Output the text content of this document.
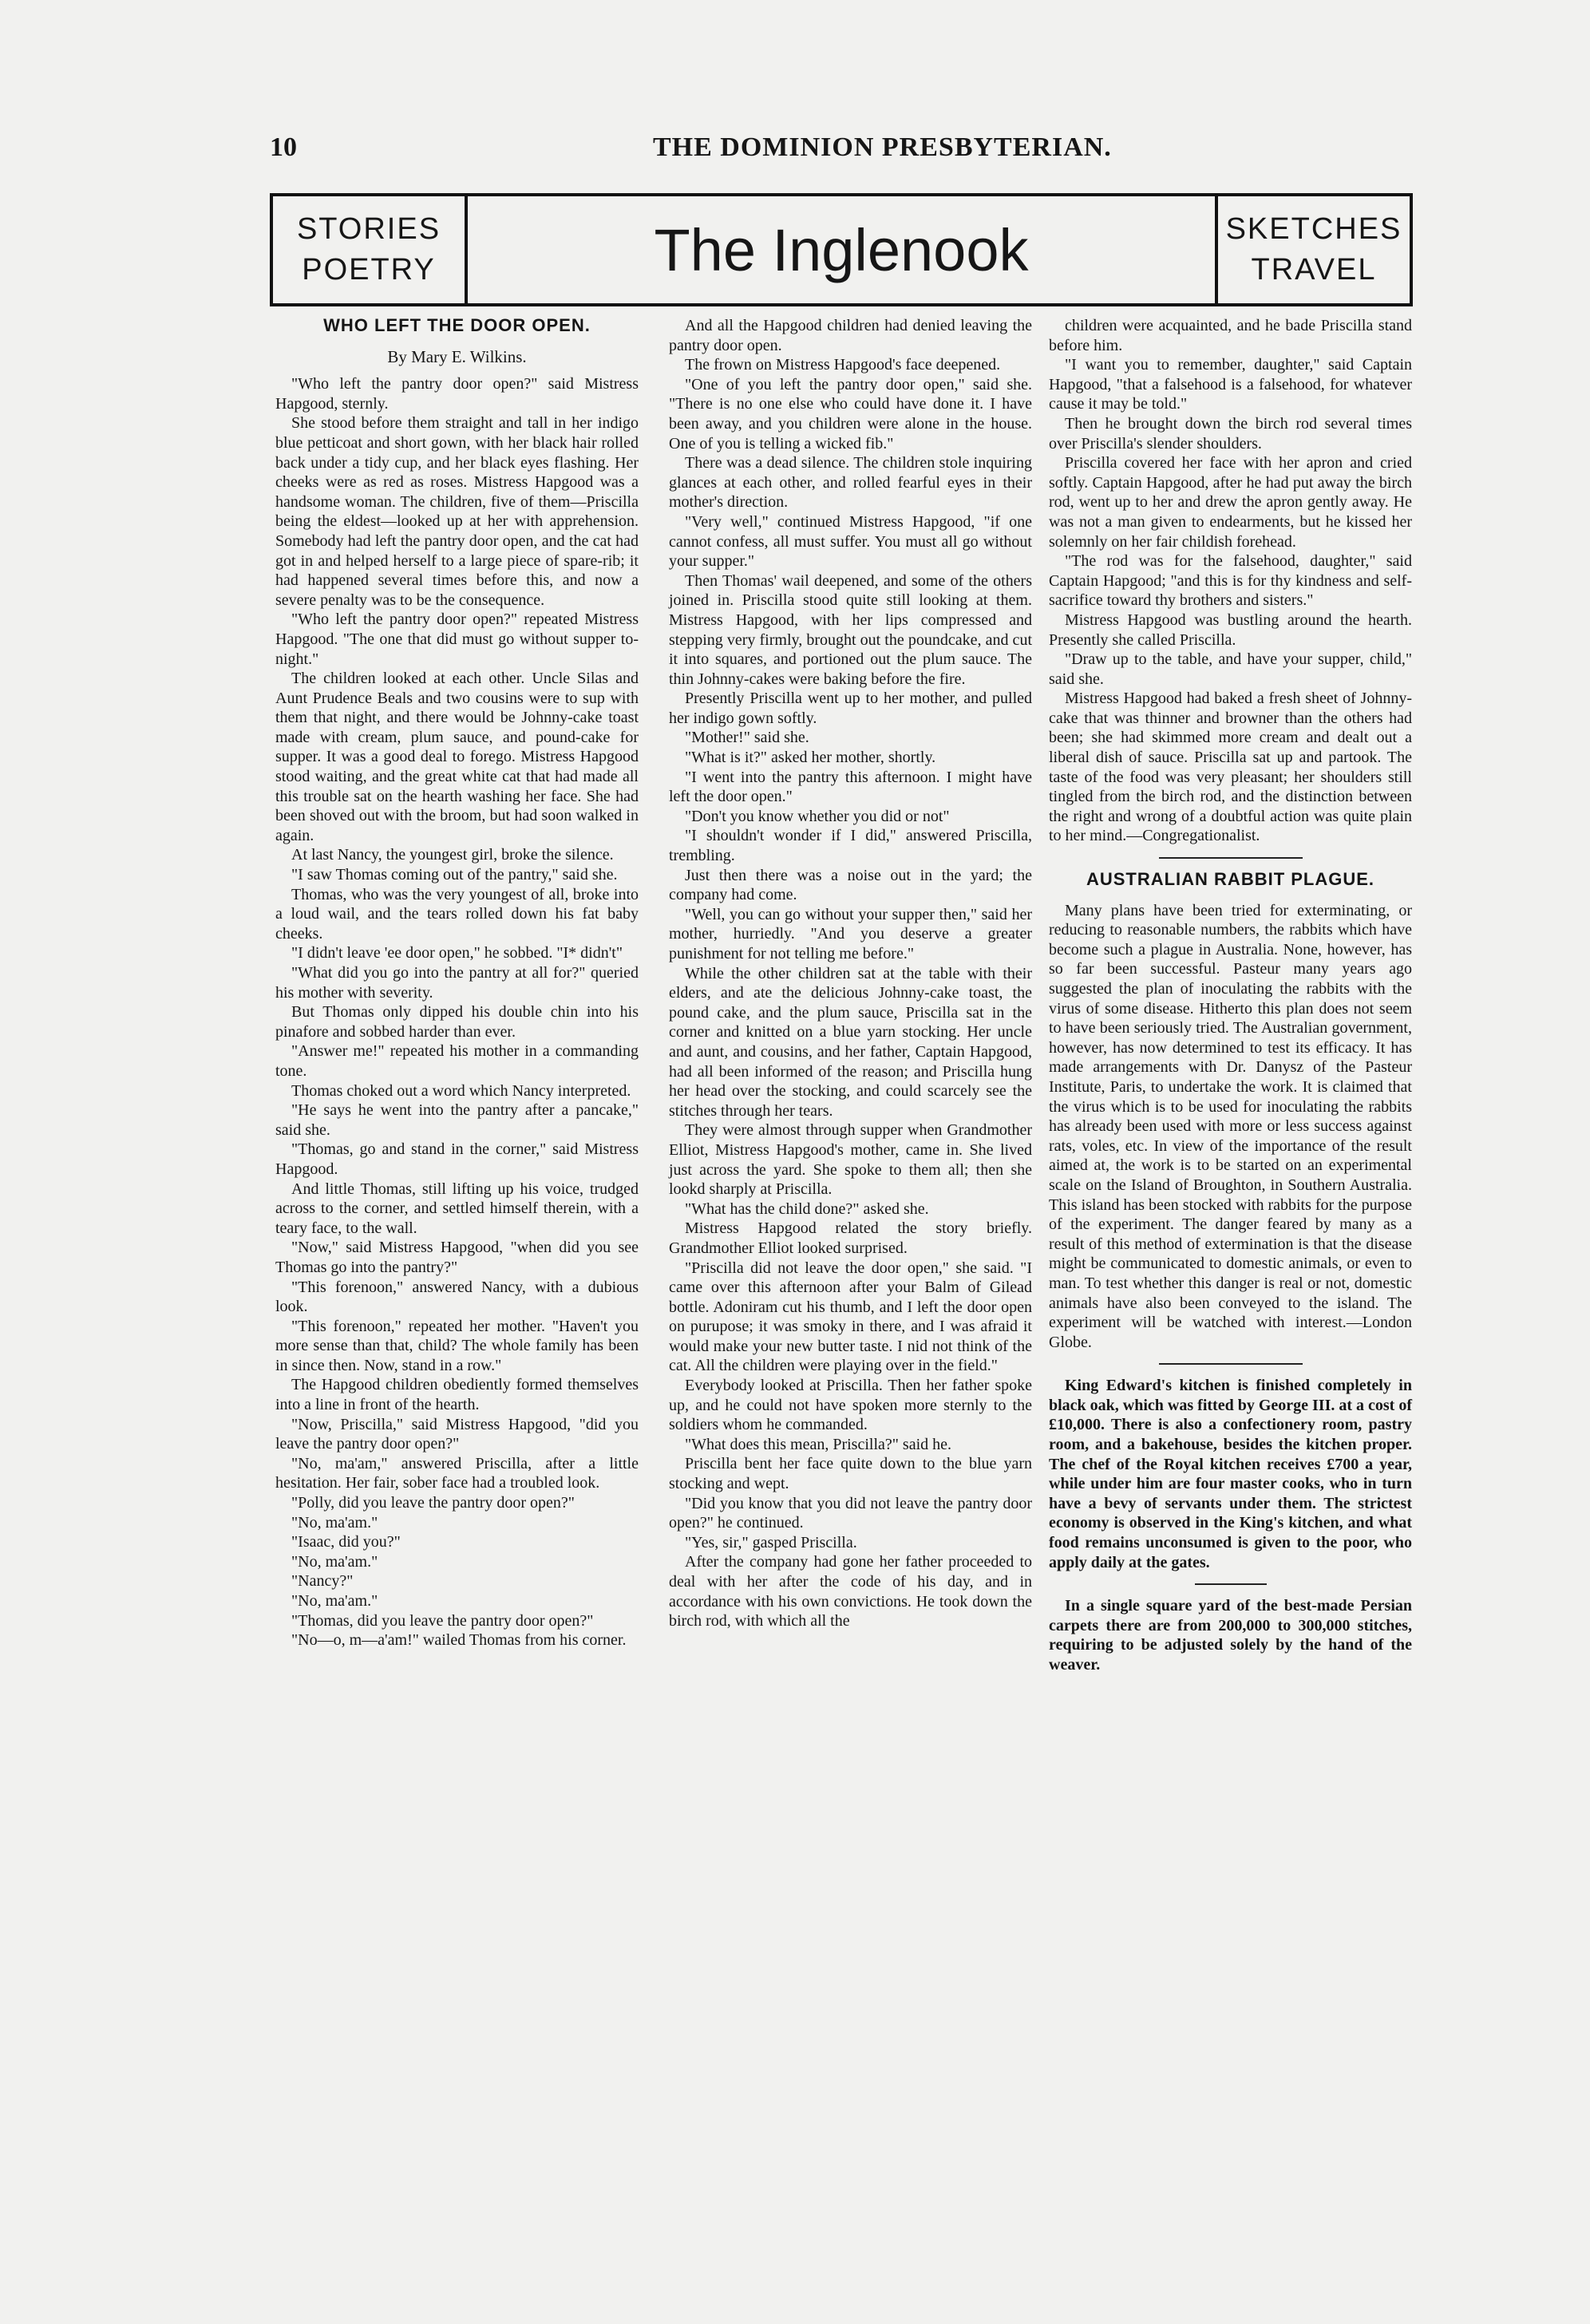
10	THE DOMINION PRESBYTERIAN.
STORIES
POETRY	The Inglenook	SKETCHES
TRAVEL
WHO LEFT THE DOOR OPEN.
By Mary E. Wilkins.

"Who left the pantry door open?" said Mistress Hapgood, sternly.

She stood before them straight and tall in her indigo blue petticoat and short gown, with her black hair rolled back under a tidy cup, and her black eyes flashing. Her cheeks were as red as roses. Mistress Hapgood was a handsome woman. The children, five of them—Priscilla being the eldest—looked up at her with apprehension. Somebody had left the pantry door open, and the cat had got in and helped herself to a large piece of spare-rib; it had happened several times before this, and now a severe penalty was to be the consequence.

"Who left the pantry door open?" repeated Mistress Hapgood. "The one that did must go without supper to-night."

The children looked at each other. Uncle Silas and Aunt Prudence Beals and two cousins were to sup with them that night, and there would be Johnny-cake toast made with cream, plum sauce, and pound-cake for supper. It was a good deal to forego. Mistress Hapgood stood waiting, and the great white cat that had made all this trouble sat on the hearth washing her face. She had been shoved out with the broom, but had soon walked in again.

At last Nancy, the youngest girl, broke the silence.

"I saw Thomas coming out of the pantry," said she.

Thomas, who was the very youngest of all, broke into a loud wail, and the tears rolled down his fat baby cheeks.

"I didn't leave 'ee door open," he sobbed. "I* didn't"

"What did you go into the pantry at all for?" queried his mother with severity.

But Thomas only dipped his double chin into his pinafore and sobbed harder than ever.

"Answer me!" repeated his mother in a commanding tone.

Thomas choked out a word which Nancy interpreted.

"He says he went into the pantry after a pancake," said she.

"Thomas, go and stand in the corner," said Mistress Hapgood.

And little Thomas, still lifting up his voice, trudged across to the corner, and settled himself therein, with a teary face, to the wall.

"Now," said Mistress Hapgood, "when did you see Thomas go into the pantry?"

"This forenoon," answered Nancy, with a dubious look.

"This forenoon," repeated her mother. "Haven't you more sense than that, child? The whole family has been in since then. Now, stand in a row."

The Hapgood children obediently formed themselves into a line in front of the hearth.

"Now, Priscilla," said Mistress Hapgood, "did you leave the pantry door open?"

"No, ma'am," answered Priscilla, after a little hesitation. Her fair, sober face had a troubled look.

"Polly, did you leave the pantry door open?"

"No, ma'am."

"Isaac, did you?"

"No, ma'am."

"Nancy?"

"No, ma'am."

"Thomas, did you leave the pantry door open?"

"No—o, m—a'am!" wailed Thomas from his corner.

And all the Hapgood children had denied leaving the pantry door open.

The frown on Mistress Hapgood's face deepened.

"One of you left the pantry door open," said she. "There is no one else who could have done it. I have been away, and you children were alone in the house. One of you is telling a wicked fib."

There was a dead silence. The children stole inquiring glances at each other, and rolled fearful eyes in their mother's direction.

"Very well," continued Mistress Hapgood, "if one cannot confess, all must suffer. You must all go without your supper."

Then Thomas' wail deepened, and some of the others joined in. Priscilla stood quite still looking at them. Mistress Hapgood, with her lips compressed and stepping very firmly, brought out the poundcake, and cut it into squares, and portioned out the plum sauce. The thin Johnny-cakes were baking before the fire.

Presently Priscilla went up to her mother, and pulled her indigo gown softly.

"Mother!" said she.

"What is it?" asked her mother, shortly.

"I went into the pantry this afternoon. I might have left the door open."

"Don't you know whether you did or not"

"I shouldn't wonder if I did," answered Priscilla, trembling.

Just then there was a noise out in the yard; the company had come.

"Well, you can go without your supper then," said her mother, hurriedly. "And you deserve a greater punishment for not telling me before."

While the other children sat at the table with their elders, and ate the delicious Johnny-cake toast, the pound cake, and the plum sauce, Priscilla sat in the corner and knitted on a blue yarn stocking. Her uncle and aunt, and cousins, and her father, Captain Hapgood, had all been informed of the reason; and Priscilla hung her head over the stocking, and could scarcely see the stitches through her tears.

They were almost through supper when Grandmother Elliot, Mistress Hapgood's mother, came in. She lived just across the yard. She spoke to them all; then she lookd sharply at Priscilla.

"What has the child done?" asked she.

Mistress Hapgood related the story briefly. Grandmother Elliot looked surprised.

"Priscilla did not leave the door open," she said. "I came over this afternoon after your Balm of Gilead bottle. Adoniram cut his thumb, and I left the door open on purupose; it was smoky in there, and I was afraid it would make your new butter taste. I nid not think of the cat. All the children were playing over in the field."

Everybody looked at Priscilla. Then her father spoke up, and he could not have spoken more sternly to the soldiers whom he commanded.

"What does this mean, Priscilla?" said he.

Priscilla bent her face quite down to the blue yarn stocking and wept.

"Did you know that you did not leave the pantry door open?" he continued.

"Yes, sir," gasped Priscilla.

After the company had gone her father proceeded to deal with her after the code of his day, and in accordance with his own convictions. He took down the birch rod, with which all the

children were acquainted, and he bade Priscilla stand before him.

"I want you to remember, daughter," said Captain Hapgood, "that a falsehood is a falsehood, for whatever cause it may be told."

Then he brought down the birch rod several times over Priscilla's slender shoulders.

Priscilla covered her face with her apron and cried softly. Captain Hapgood, after he had put away the birch rod, went up to her and drew the apron gently away. He was not a man given to endearments, but he kissed her solemnly on her fair childish forehead.

"The rod was for the falsehood, daughter," said Captain Hapgood; "and this is for thy kindness and self-sacrifice toward thy brothers and sisters."

Mistress Hapgood was bustling around the hearth. Presently she called Priscilla.

"Draw up to the table, and have your supper, child," said she.

Mistress Hapgood had baked a fresh sheet of Johnny-cake that was thinner and browner than the others had been; she had skimmed more cream and dealt out a liberal dish of sauce. Priscilla sat up and partook. The taste of the food was very pleasant; her shoulders still tingled from the birch rod, and the distinction between the right and wrong of a doubtful action was quite plain to her mind.—Congregationalist.

AUSTRALIAN RABBIT PLAGUE.

Many plans have been tried for exterminating, or reducing to reasonable numbers, the rabbits which have become such a plague in Australia. None, however, has so far been successful. Pasteur many years ago suggested the plan of inoculating the rabbits with the virus of some disease. Hitherto this plan does not seem to have been seriously tried. The Australian government, however, has now determined to test its efficacy. It has made arrangements with Dr. Danysz of the Pasteur Institute, Paris, to undertake the work. It is claimed that the virus which is to be used for inoculating the rabbits has already been used with more or less success against rats, voles, etc. In view of the importance of the result aimed at, the work is to be started on an experimental scale on the Island of Broughton, in Southern Australia. This island has been stocked with rabbits for the purpose of the experiment. The danger feared by many as a result of this method of extermination is that the disease might be communicated to domestic animals, or even to man. To test whether this danger is real or not, domestic animals have also been conveyed to the island. The experiment will be watched with interest.—London Globe.

King Edward's kitchen is finished completely in black oak, which was fitted by George III. at a cost of £10,000. There is also a confectionery room, pastry room, and a bakehouse, besides the kitchen proper. The chef of the Royal kitchen receives £700 a year, while under him are four master cooks, who in turn have a bevy of servants under them. The strictest economy is observed in the King's kitchen, and what food remains unconsumed is given to the poor, who apply daily at the gates.

In a single square yard of the best-made Persian carpets there are from 200,000 to 300,000 stitches, requiring to be adjusted solely by the hand of the weaver.
